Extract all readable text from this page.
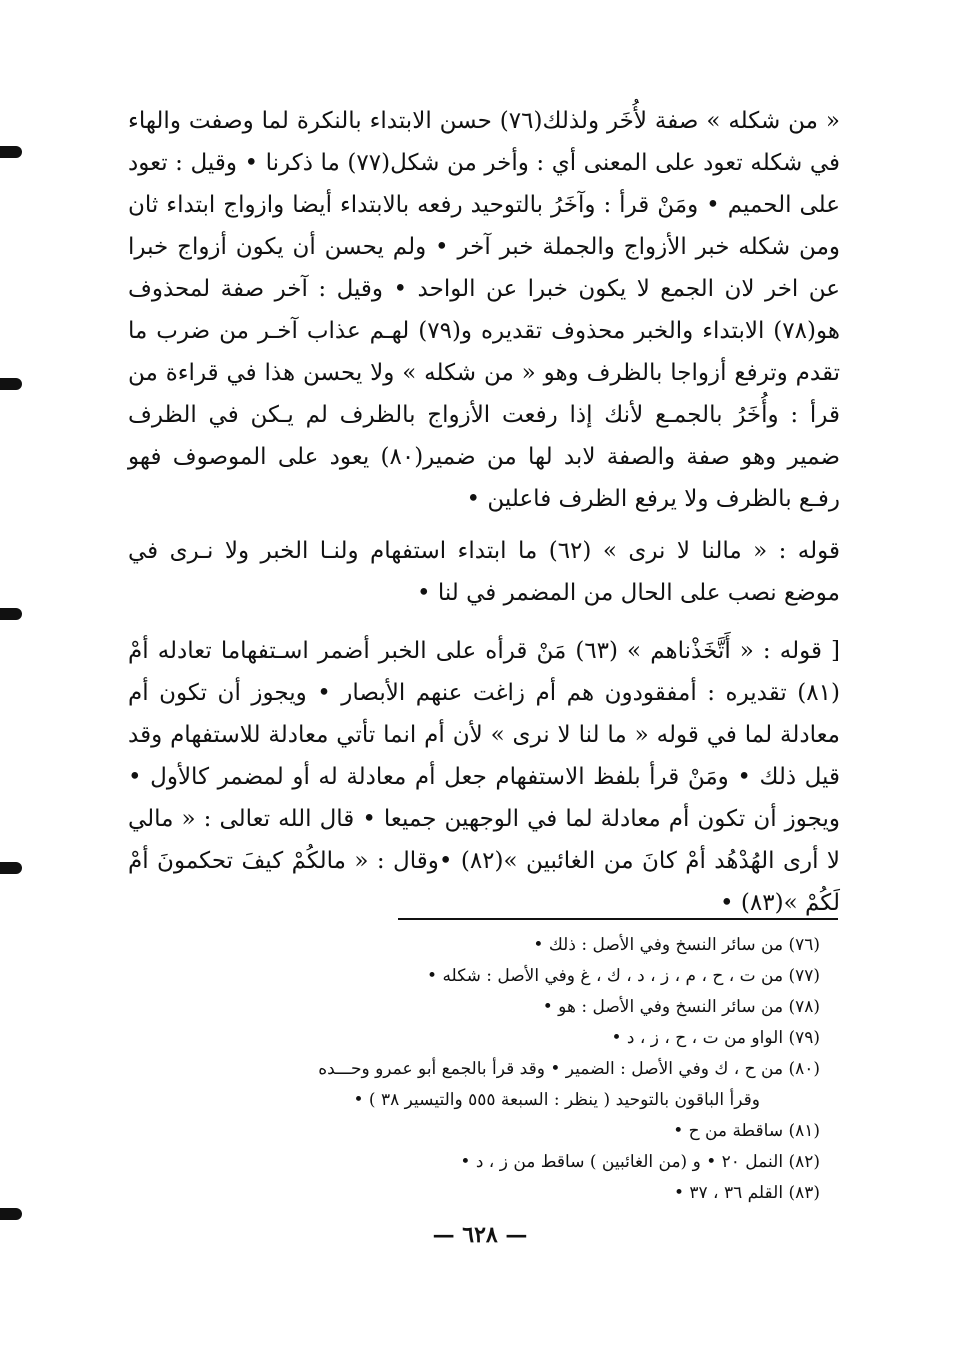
« من شكله » صفة لأُخَر ولذلك(٧٦) حسن الابتداء بالنكرة لما وصفت والهاء في شكله تعود على المعنى أي : وأخر من شكل(٧٧) ما ذكرنا • وقيل : تعود على الحميم • ومَنْ قرأ : وآخَرُ بالتوحيد رفعه بالابتداء أيضا وازواج ابتداء ثان ومن شكله خبر الأزواج والجملة خبر آخر • ولم يحسن أن يكون أزواج خبرا عن اخر لان الجمع لا يكون خبرا عن الواحد • وقيل : آخر صفة لمحذوف هو(٧٨) الابتداء والخبر محذوف تقديره و(٧٩) لهـم عذاب آخـر من ضرب ما تقدم وترفع أزواجا بالظرف وهو « من شكله » ولا يحسن هذا في قراءة من قرأ : وأُخَرُ بالجمـع لأنك إذا رفعت الأزواج بالظرف لم يـكن في الظرف ضمير وهو صفة والصفة لابد لها من ضمير(٨٠) يعود على الموصوف فهو رفـع بالظرف ولا يرفع الظرف فاعلين •

قوله : « مالنا لا نرى » (٦٢) ما ابتداء استفهام ولنـا الخبر ولا نـرى في موضع نصب على الحال من المضمر في لنا •

[ قوله : « أَتَّخَذْناهم » (٦٣) مَنْ قرأه على الخبر أضمر اسـتفهاما تعادله أمْ (٨١) تقديره : أمفقودون هم أم زاغت عنهم الأبصار • ويجوز أن تكون أم معادلة لما في قوله « ما لنا لا نرى » لأن أم انما تأتي معادلة للاستفهام وقد قيل ذلك • ومَنْ قرأ بلفظ الاستفهام جعل أم معادلة له أو لمضمر كالأول • ويجوز أن تكون أم معادلة لما في الوجهين جميعا • قال الله تعالى : « مالي لا أرى الهُدْهُد أمْ كانَ من الغائبين »(٨٢) •وقال : « مالكُمْ كيفَ تحكمونَ أمْ لَكُمْ »(٨٣) •

(٧٦) من سائر النسخ وفي الأصل : ذلك •
(٧٧) من ت ، ح ، م ، ز ، د ، ك ، غ وفي الأصل : شكله •
(٧٨) من سائر النسخ وفي الأصل : هو •
(٧٩) الواو من ت ، ح ، ز ، د •
(٨٠) من ح ، ك وفي الأصل : الضمير • وقد قرأ بالجمع أبو عمرو وحـــده
وقرأ الباقون بالتوحيد ( ينظر : السبعة ٥٥٥ والتيسير ٣٨ ) •
(٨١) ساقطة من ح •
(٨٢) النمل ٢٠ • و (من الغائبين ) ساقط من ز ، د •
(٨٣) القلم ٣٦ ، ٣٧ •
— ٦٢٨ —
